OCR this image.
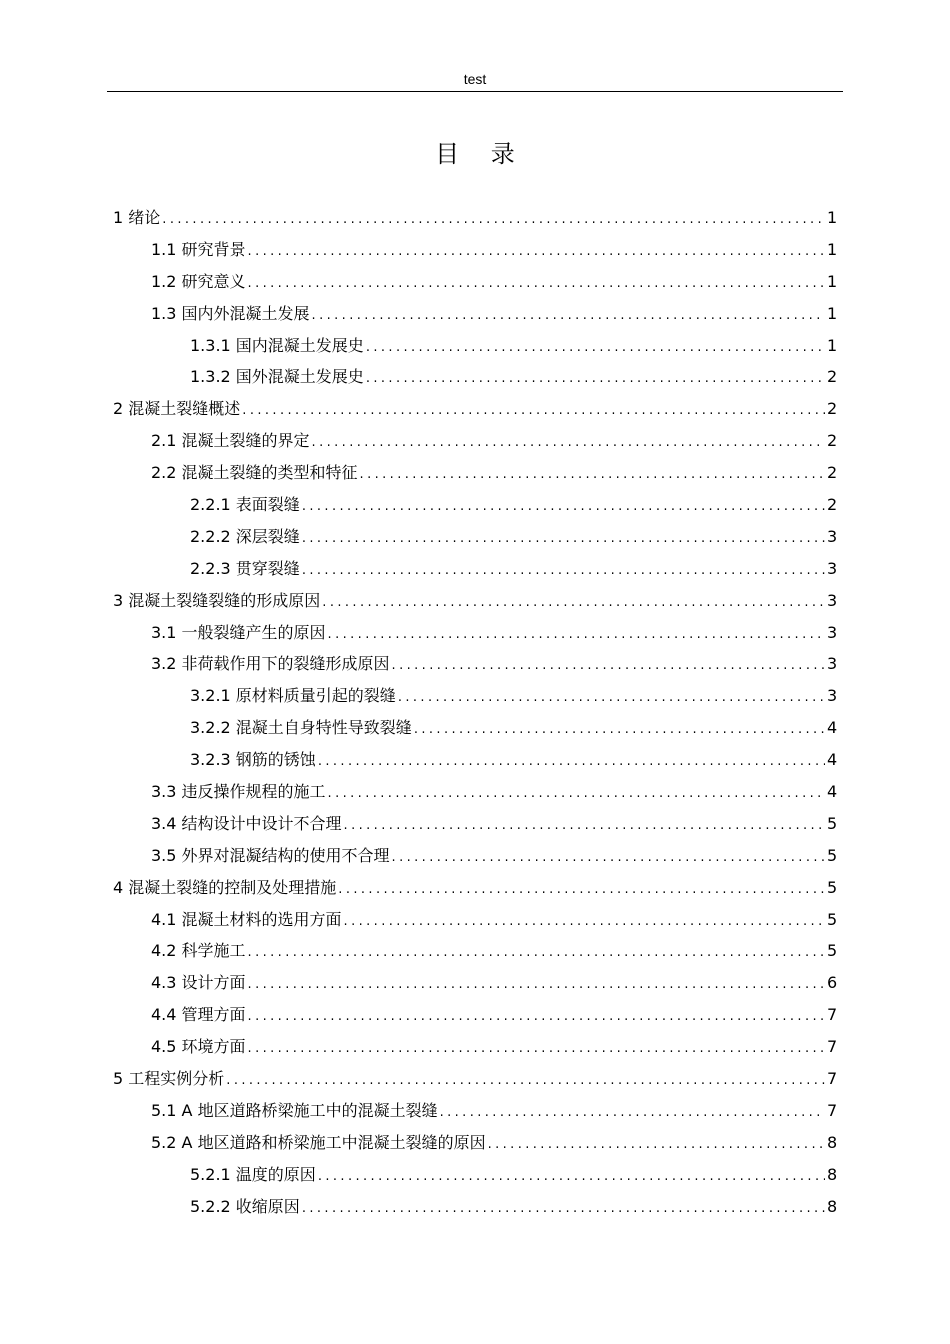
test
目 录
1 绪论 .....	1
1.1 研究背景 .....	1
1.2 研究意义 .....	1
1.3 国内外混凝土发展 .....	1
1.3.1 国内混凝土发展史 .....	1
1.3.2 国外混凝土发展史 .....	2
2 混凝土裂缝概述 .....	2
2.1 混凝土裂缝的界定 .....	2
2.2 混凝土裂缝的类型和特征 .....	2
2.2.1 表面裂缝 .....	2
2.2.2 深层裂缝 .....	3
2.2.3 贯穿裂缝 .....	3
3 混凝土裂缝裂缝的形成原因 .....	3
3.1 一般裂缝产生的原因 .....	3
3.2 非荷载作用下的裂缝形成原因 .....	3
3.2.1 原材料质量引起的裂缝 .....	3
3.2.2 混凝土自身特性导致裂缝 .....	4
3.2.3 钢筋的锈蚀 .....	4
3.3 违反操作规程的施工 .....	4
3.4 结构设计中设计不合理 .....	5
3.5 外界对混凝结构的使用不合理 .....	5
4 混凝土裂缝的控制及处理措施 .....	5
4.1 混凝土材料的选用方面 .....	5
4.2 科学施工 .....	5
4.3 设计方面 .....	6
4.4 管理方面 .....	7
4.5 环境方面 .....	7
5 工程实例分析 .....	7
5.1 A 地区道路桥梁施工中的混凝土裂缝 .....	7
5.2 A 地区道路和桥梁施工中混凝土裂缝的原因 .....	8
5.2.1 温度的原因 .....	8
5.2.2 收缩原因 .....	8
